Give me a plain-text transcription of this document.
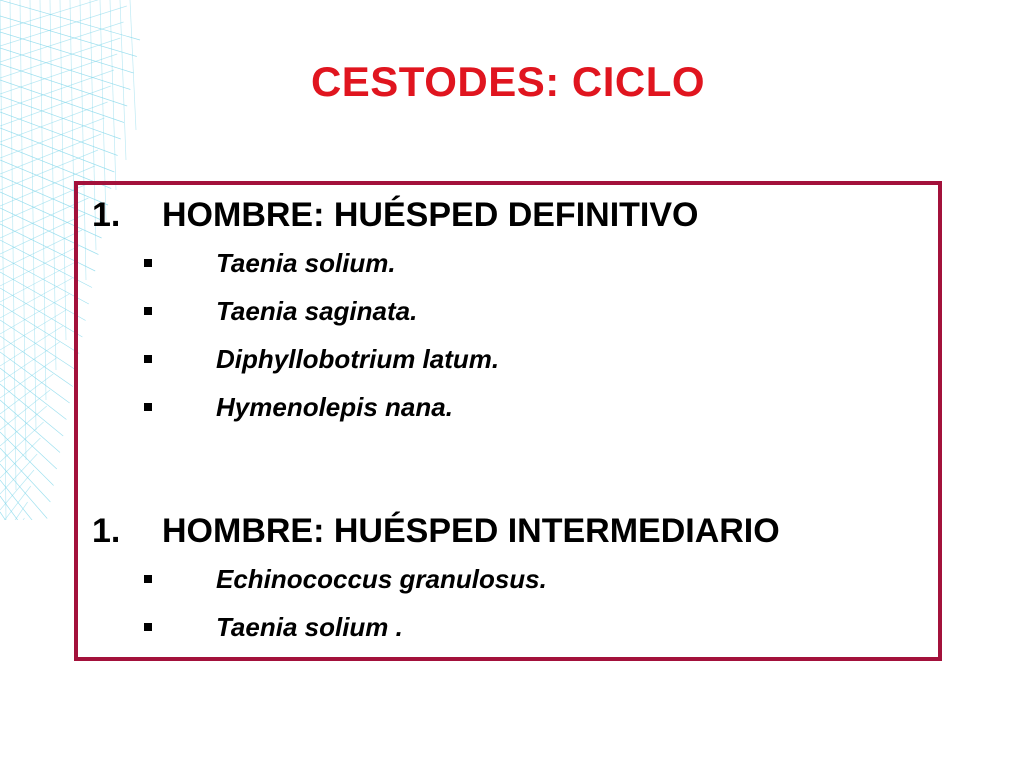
CESTODES: CICLO
1.	HOMBRE: HUÉSPED DEFINITIVO
Taenia solium.
Taenia saginata.
Diphyllobotrium latum.
Hymenolepis nana.
1.	HOMBRE: HUÉSPED INTERMEDIARIO
Echinococcus granulosus.
Taenia solium .
